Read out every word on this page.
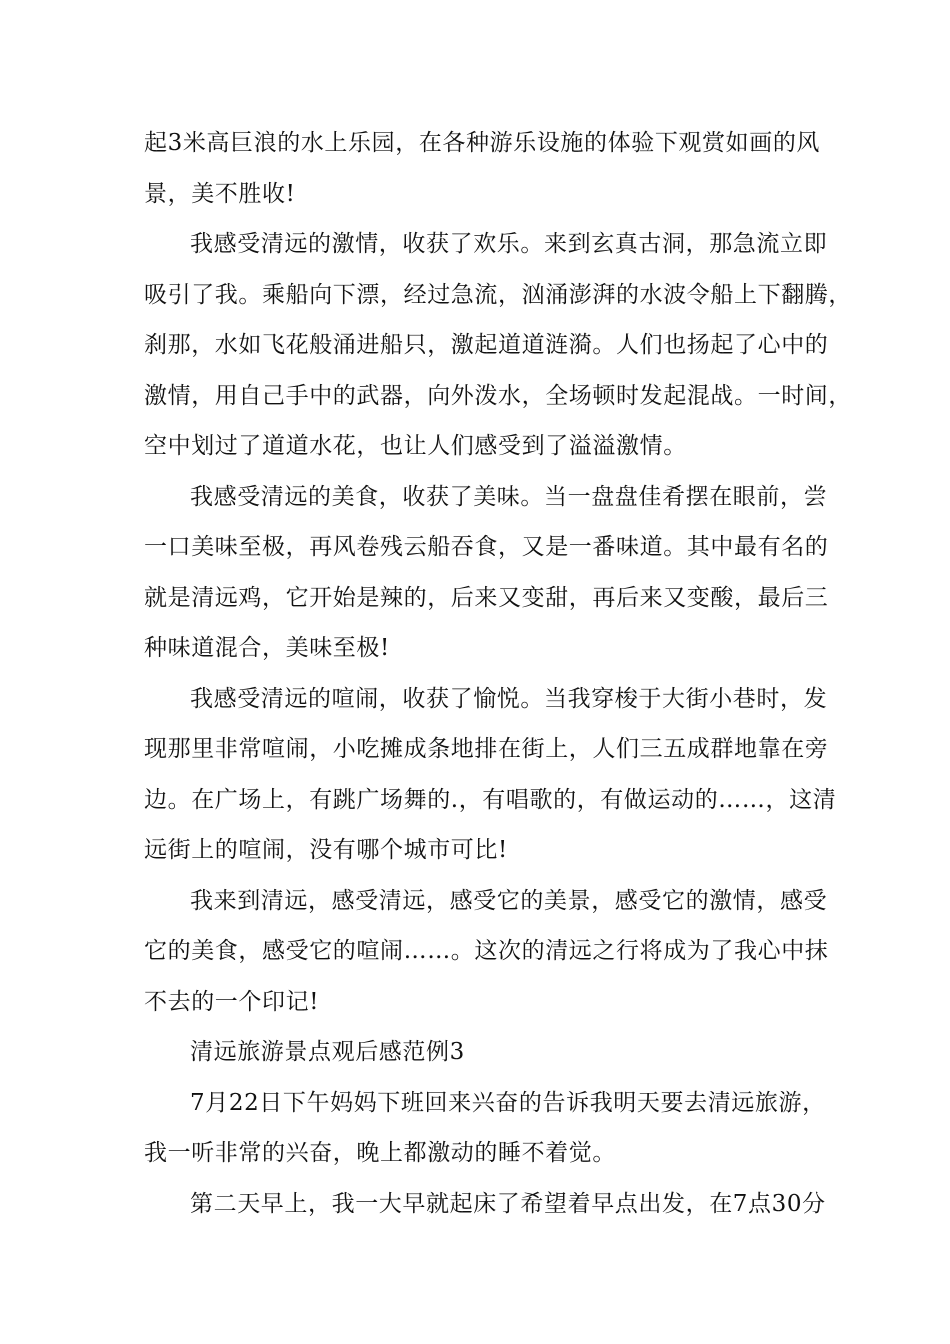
起3米高巨浪的水上乐园，在各种游乐设施的体验下观赏如画的风
景，美不胜收!
我感受清远的激情，收获了欢乐。来到玄真古洞，那急流立即
吸引了我。乘船向下漂，经过急流，汹涌澎湃的水波令船上下翻腾，
刹那，水如飞花般涌进船只，激起道道涟漪。人们也扬起了心中的
激情，用自己手中的武器，向外泼水，全场顿时发起混战。一时间，
空中划过了道道水花，也让人们感受到了溢溢激情。
我感受清远的美食，收获了美味。当一盘盘佳肴摆在眼前，尝
一口美味至极，再风卷残云船吞食，又是一番味道。其中最有名的
就是清远鸡，它开始是辣的，后来又变甜，再后来又变酸，最后三
种味道混合，美味至极!
我感受清远的喧闹，收获了愉悦。当我穿梭于大街小巷时，发
现那里非常喧闹，小吃摊成条地排在街上，人们三五成群地靠在旁
边。在广场上，有跳广场舞的.，有唱歌的，有做运动的……，这清
远街上的喧闹，没有哪个城市可比!
我来到清远，感受清远，感受它的美景，感受它的激情，感受
它的美食，感受它的喧闹……。这次的清远之行将成为了我心中抹
不去的一个印记!
清远旅游景点观后感范例3
7月22日下午妈妈下班回来兴奋的告诉我明天要去清远旅游，
我一听非常的兴奋，晚上都激动的睡不着觉。
第二天早上，我一大早就起床了希望着早点出发，在7点30分
